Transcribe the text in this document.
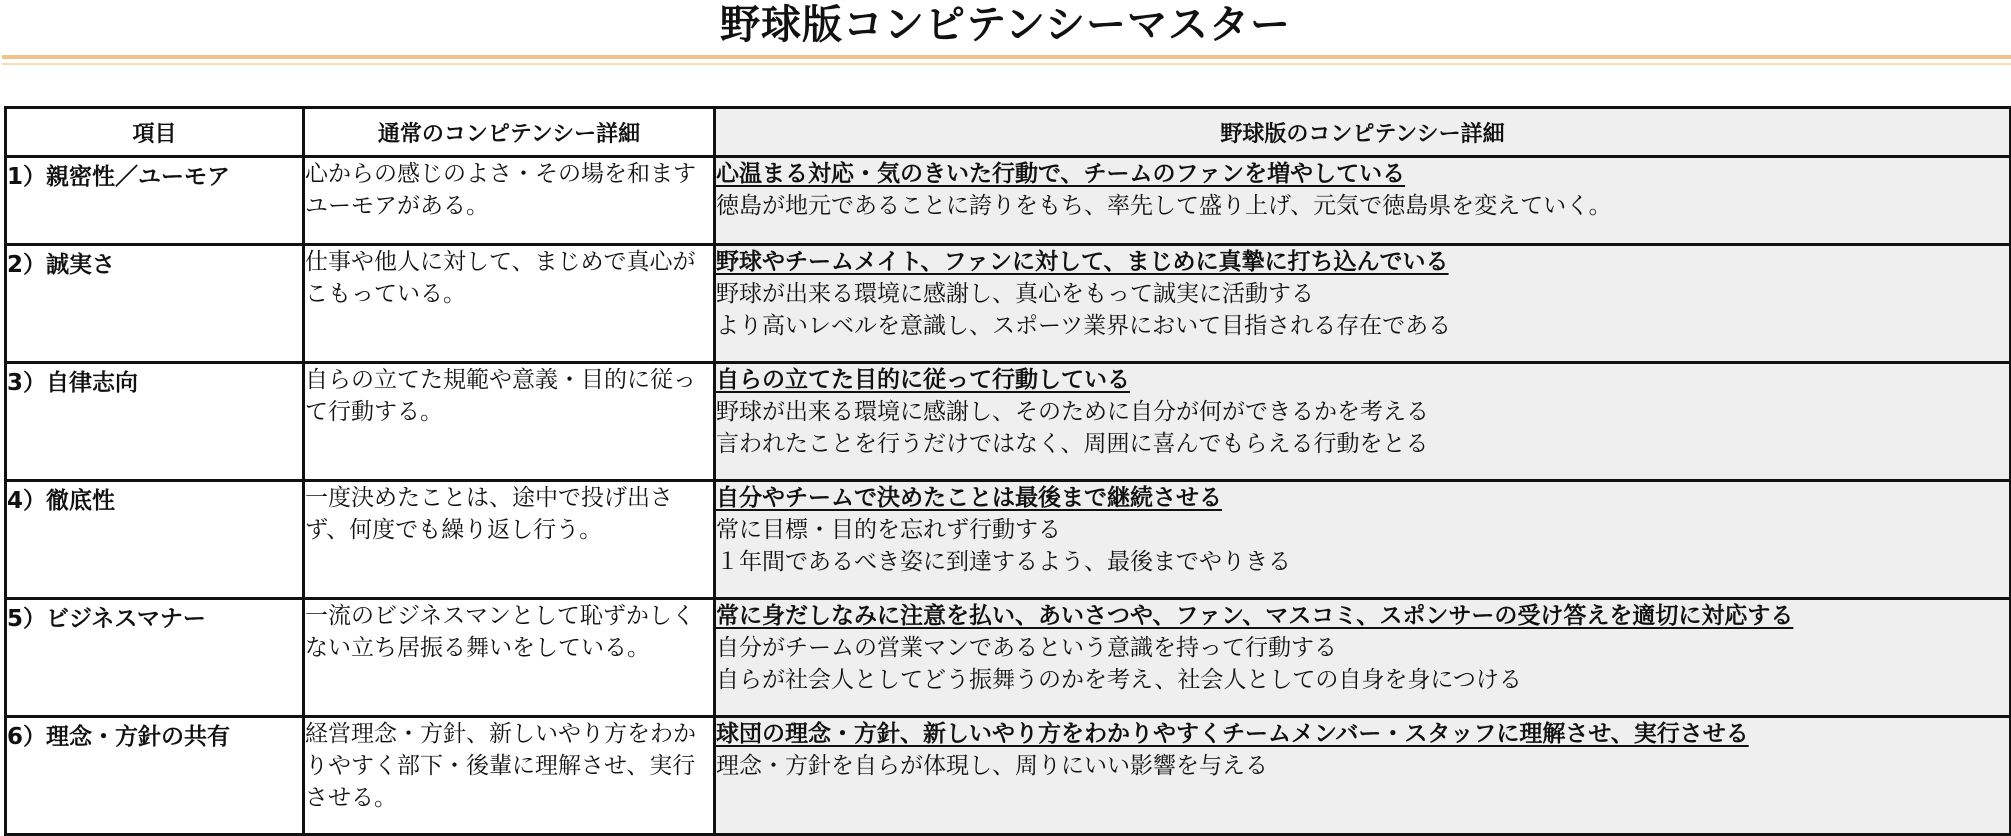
野球版コンピテンシーマスター
項目	通常のコンピテンシー詳細	野球版のコンピテンシー詳細
1）親密性／ユーモア	心からの感じのよさ・その場を和ますユーモアがある。	心温まる対応・気のきいた行動で、チームのファンを増やしている
徳島が地元であることに誇りをもち、率先して盛り上げ、元気で徳島県を変えていく。

2）誠実さ	仕事や他人に対して、まじめで真心がこもっている。	野球やチームメイト、ファンに対して、まじめに真摯に打ち込んでいる
野球が出来る環境に感謝し、真心をもって誠実に活動する
より高いレベルを意識し、スポーツ業界において目指される存在である

3）自律志向	自らの立てた規範や意義・目的に従って行動する。	自らの立てた目的に従って行動している
野球が出来る環境に感謝し、そのために自分が何ができるかを考える
言われたことを行うだけではなく、周囲に喜んでもらえる行動をとる

4）徹底性	一度決めたことは、途中で投げ出さず、何度でも繰り返し行う。	自分やチームで決めたことは最後まで継続させる
常に目標・目的を忘れず行動する
１年間であるべき姿に到達するよう、最後までやりきる

5）ビジネスマナー	一流のビジネスマンとして恥ずかしくない立ち居振る舞いをしている。	常に身だしなみに注意を払い、あいさつや、ファン、マスコミ、スポンサーの受け答えを適切に対応する
自分がチームの営業マンであるという意識を持って行動する
自らが社会人としてどう振舞うのかを考え、社会人としての自身を身につける

6）理念・方針の共有	経営理念・方針、新しいやり方をわかりやすく部下・後輩に理解させ、実行させる。	球団の理念・方針、新しいやり方をわかりやすくチームメンバー・スタッフに理解させ、実行させる
理念・方針を自らが体現し、周りにいい影響を与える
